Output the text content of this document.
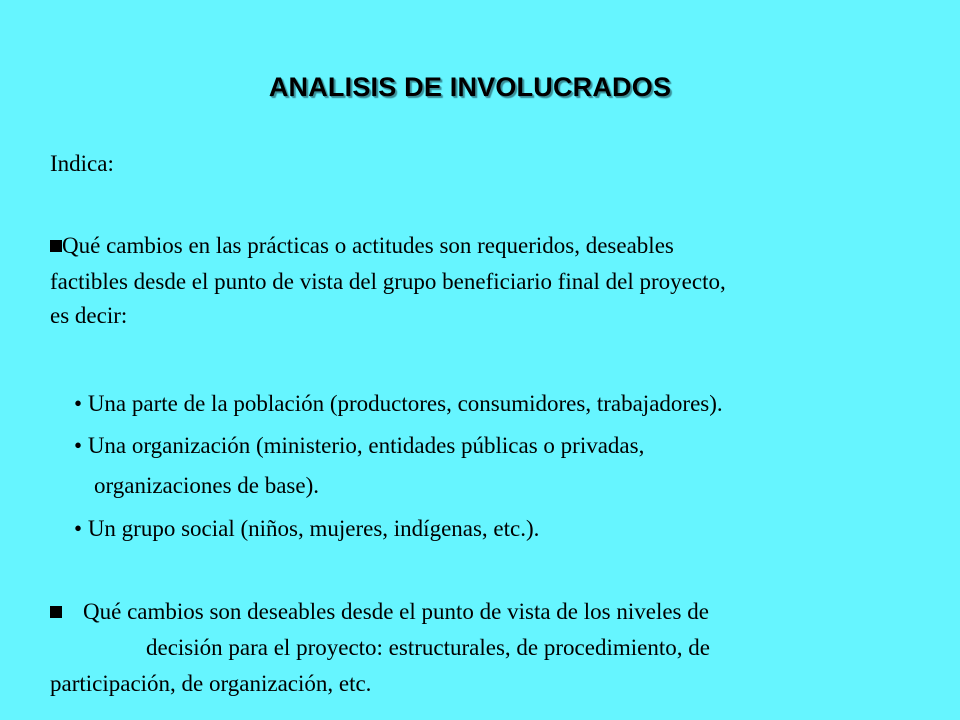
ANALISIS DE INVOLUCRADOS
Indica:
Qué cambios en las prácticas o actitudes son requeridos, deseables
factibles desde el punto de vista del grupo beneficiario final del proyecto,
es decir:
• Una parte de la población (productores, consumidores, trabajadores).
• Una organización (ministerio, entidades públicas o privadas,
organizaciones de base).
• Un grupo social (niños, mujeres, indígenas, etc.).
Qué cambios son deseables desde el punto de vista de los niveles de
decisión para el proyecto: estructurales, de procedimiento, de
participación, de organización, etc.
